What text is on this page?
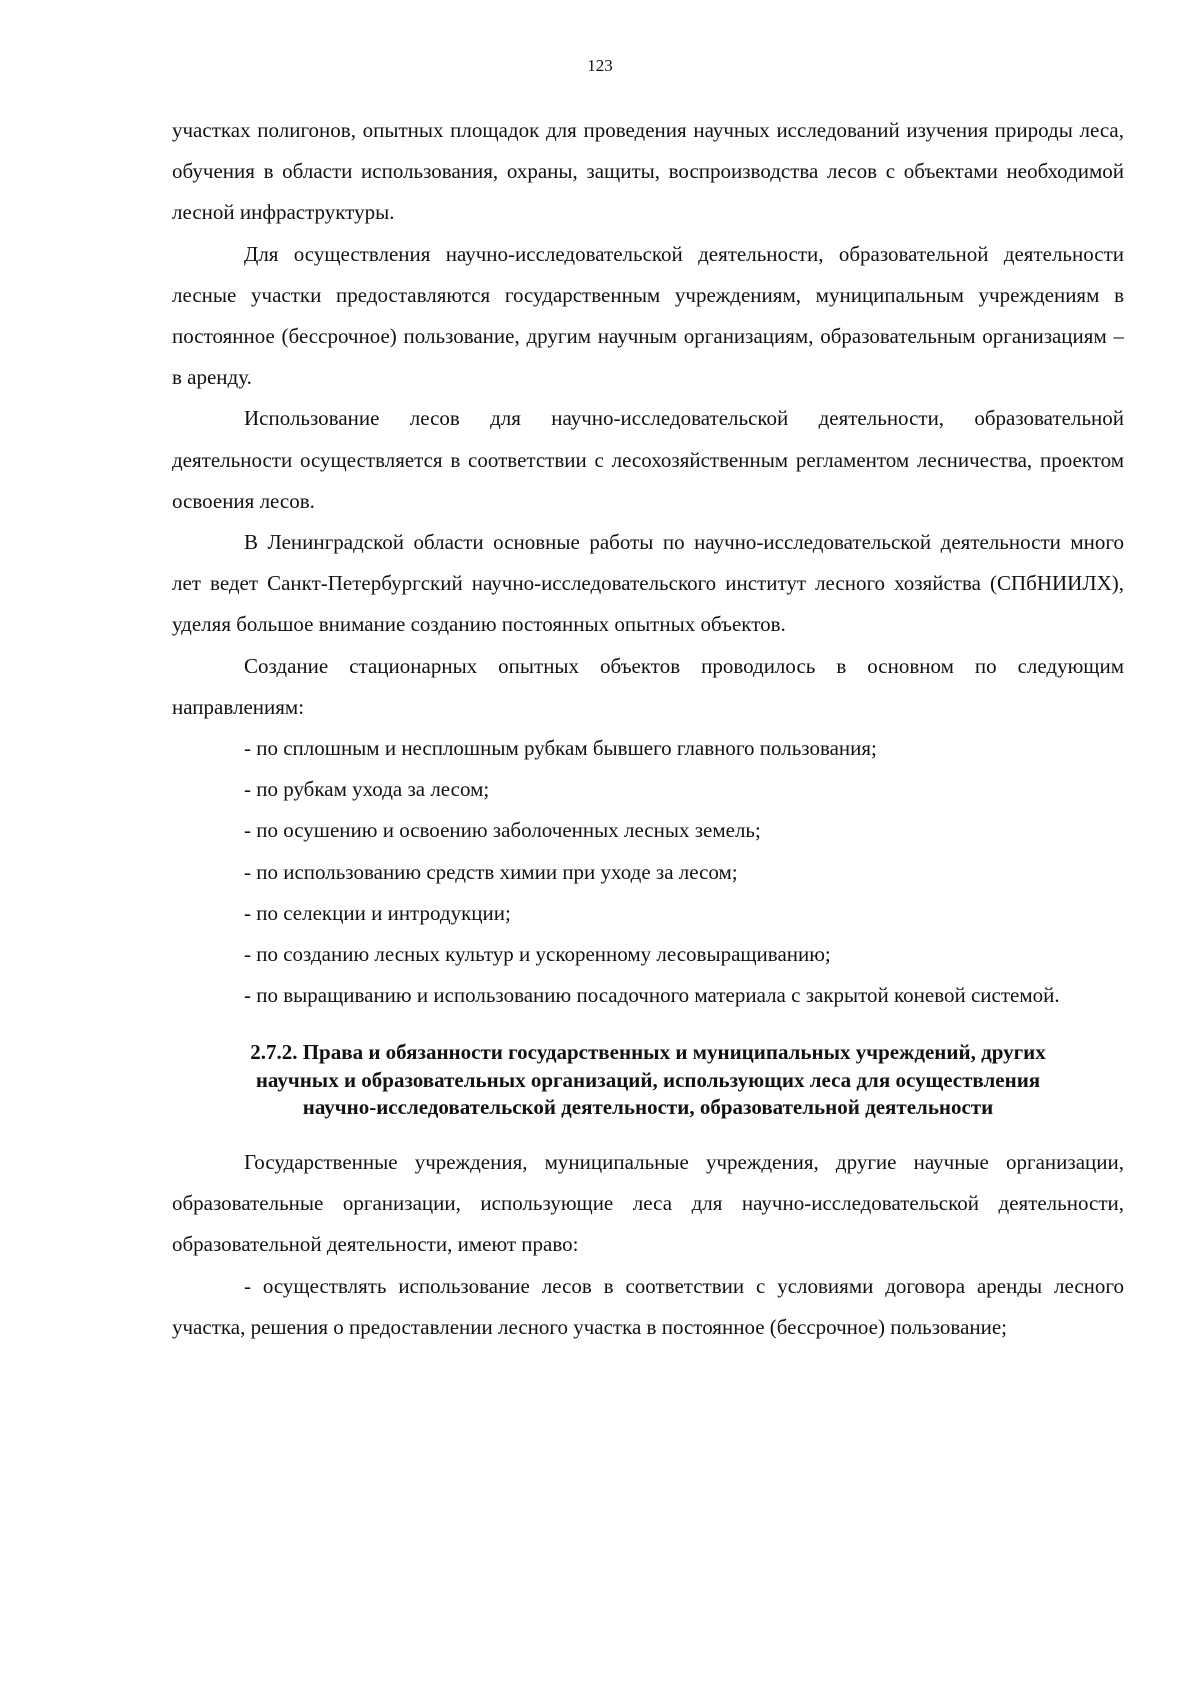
123

участках полигонов, опытных площадок для проведения научных исследований изучения природы леса, обучения в области использования, охраны, защиты, воспроизводства лесов с объектами необходимой лесной инфраструктуры.

Для осуществления научно-исследовательской деятельности, образовательной деятельности лесные участки предоставляются государственным учреждениям, муниципальным учреждениям в постоянное (бессрочное) пользование, другим научным организациям, образовательным организациям – в аренду.

Использование лесов для научно-исследовательской деятельности, образовательной деятельности осуществляется в соответствии с лесохозяйственным регламентом лесничества, проектом освоения лесов.

В Ленинградской области основные работы по научно-исследовательской деятельности много лет ведет Санкт-Петербургский научно-исследовательского институт лесного хозяйства (СПбНИИЛХ), уделяя большое внимание созданию постоянных опытных объектов.

Создание стационарных опытных объектов проводилось в основном по следующим направлениям:

- по сплошным и несплошным рубкам бывшего главного пользования;

- по рубкам ухода за лесом;

- по осушению и освоению заболоченных лесных земель;

- по использованию средств химии при уходе за лесом;

- по селекции и интродукции;

- по созданию лесных культур и ускоренному лесовыращиванию;

- по выращиванию и использованию посадочного материала с закрытой коневой системой.

2.7.2. Права и обязанности государственных и муниципальных учреждений, других
научных и образовательных организаций, использующих леса для осуществления
научно-исследовательской деятельности, образовательной деятельности

Государственные учреждения, муниципальные учреждения, другие научные организации, образовательные организации, использующие леса для научно-исследовательской деятельности, образовательной деятельности, имеют право:

- осуществлять использование лесов в соответствии с условиями договора аренды лесного участка, решения о предоставлении лесного участка в постоянное (бессрочное) пользование;
